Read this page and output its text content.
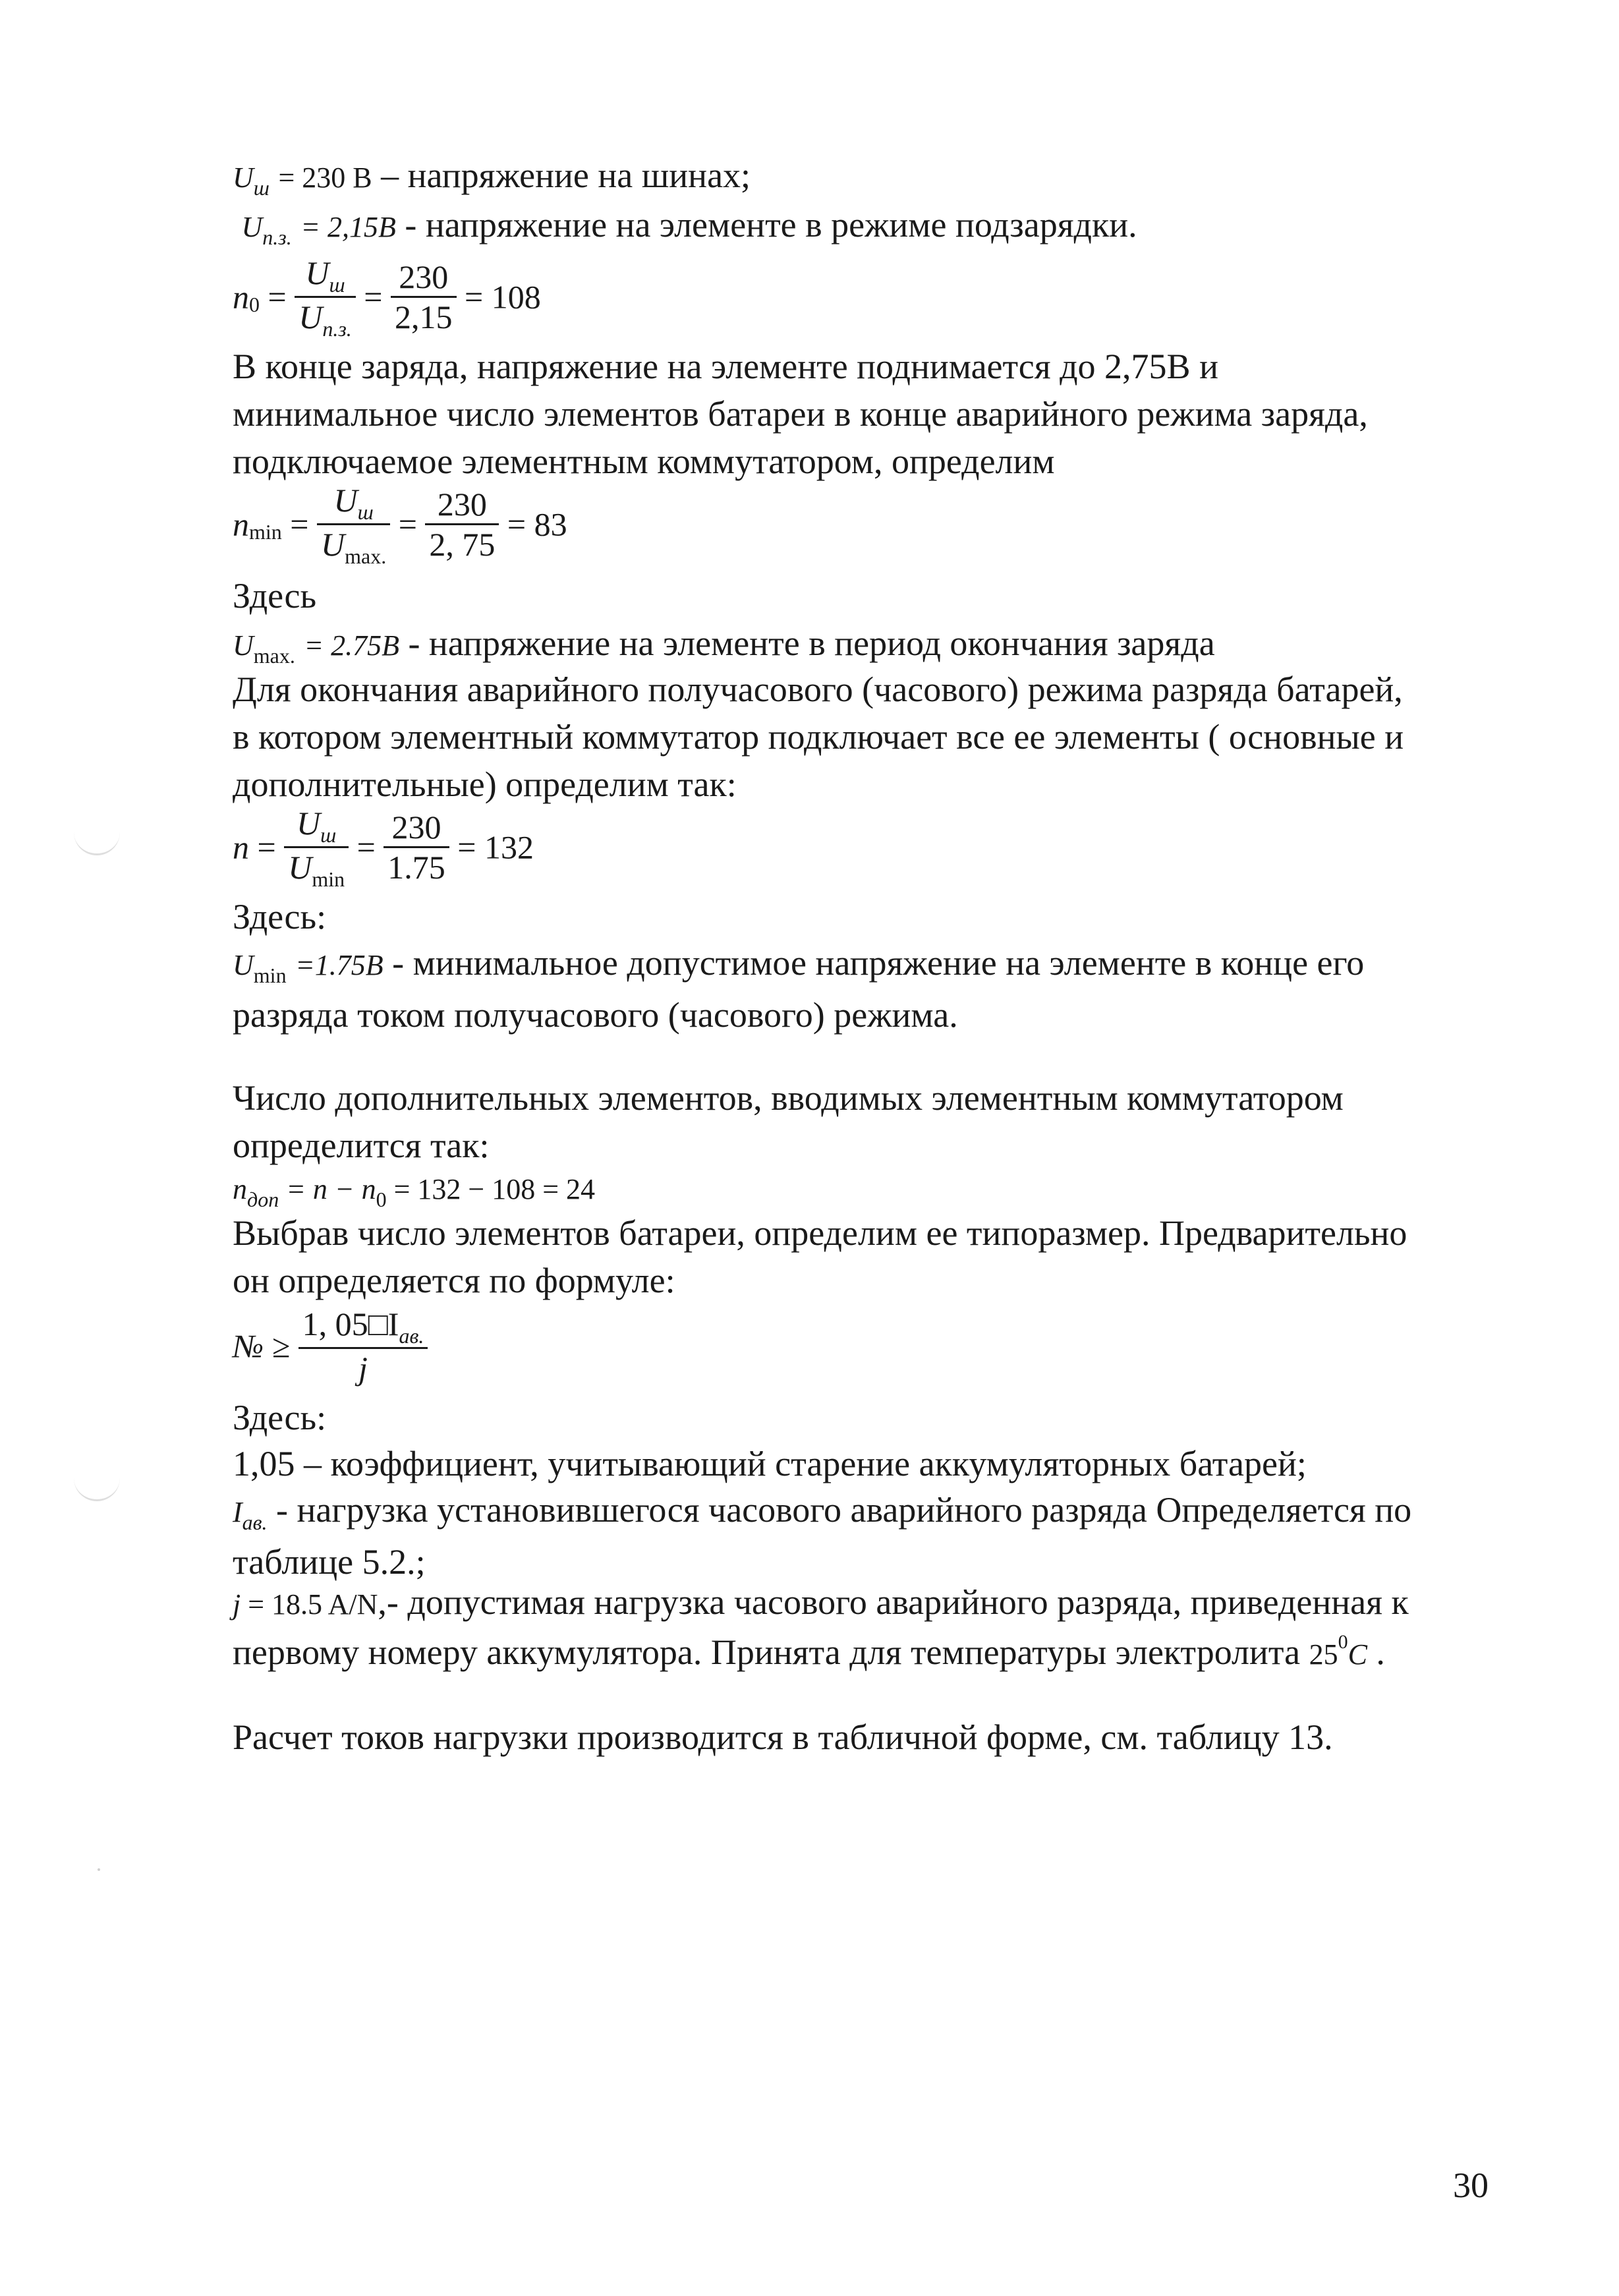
$U_ш = 230$ В – напряжение на шинах;
$U_{п.з.} = 2,15B$ - напряжение на элементе в режиме подзарядки.
$n_0 = \frac{U_ш}{U_{п.з.}} = \frac{230}{2,15} = 108$
В конце заряда, напряжение на элементе поднимается до 2,75В и
минимальное число элементов батареи в конце аварийного режима заряда,
подключаемое элементным коммутатором, определим
$n_{min} = \frac{U_ш}{U_{max.}} = \frac{230}{2, 75} = 83$
Здесь
$U_{max.} = 2.75B$ - напряжение на элементе в период окончания заряда
Для окончания аварийного получасового (часового) режима разряда батарей,
в котором элементный коммутатор подключает все ее элементы ( основные и
дополнительные) определим так:
$n = \frac{U_ш}{U_{min}} = \frac{230}{1.75} = 132$
Здесь:
$U_{min} =1.75B$ - минимальное допустимое напряжение на элементе в конце его
разряда током получасового (часового) режима.
Число дополнительных элементов, вводимых элементным коммутатором
определится так:
$n_{доп} = n - n_0 = 132 - 108 = 24$
Выбрав число элементов батареи, определим ее типоразмер. Предварительно
он определяется по формуле:
№ ≥ $\frac{1, 05□I_{ав.}}{j}$
Здесь:
1,05 – коэффициент, учитывающий старение аккумуляторных батарей;
$I_{ав.}$ - нагрузка установившегося часового аварийного разряда Определяется по
таблице 5.2.;
j = 18.5 A/N,- допустимая нагрузка часового аварийного разряда, приведенная к
первому номеру аккумулятора. Принята для температуры электролита $25^0C$ .
Расчет токов нагрузки производится в табличной форме, см. таблицу 13.
30
